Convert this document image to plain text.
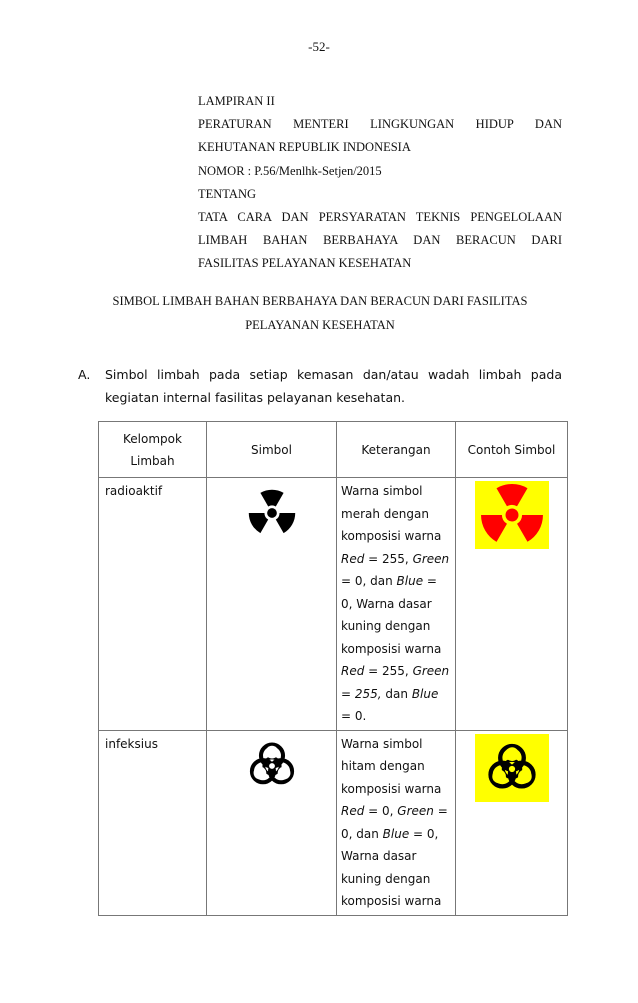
-52-
LAMPIRAN II
PERATURAN MENTERI LINGKUNGAN HIDUP DAN
KEHUTANAN REPUBLIK INDONESIA
NOMOR : P.56/Menlhk-Setjen/2015
TENTANG
TATA CARA DAN PERSYARATAN TEKNIS PENGELOLAAN
LIMBAH BAHAN BERBAHAYA DAN BERACUN DARI
FASILITAS PELAYANAN KESEHATAN
SIMBOL LIMBAH BAHAN BERBAHAYA DAN BERACUN DARI FASILITAS
PELAYANAN KESEHATAN
A. Simbol limbah pada setiap kemasan dan/atau wadah limbah pada kegiatan internal fasilitas pelayanan kesehatan.
Kelompok Limbah	Simbol	Keterangan	Contoh Simbol
radioaktif		Warna simbol merah dengan komposisi warna Red = 255, Green = 0, dan Blue = 0, Warna dasar kuning dengan komposisi warna Red = 255, Green = 255, dan Blue = 0.	
infeksius		Warna simbol hitam dengan komposisi warna Red = 0, Green = 0, dan Blue = 0, Warna dasar kuning dengan komposisi warna	
